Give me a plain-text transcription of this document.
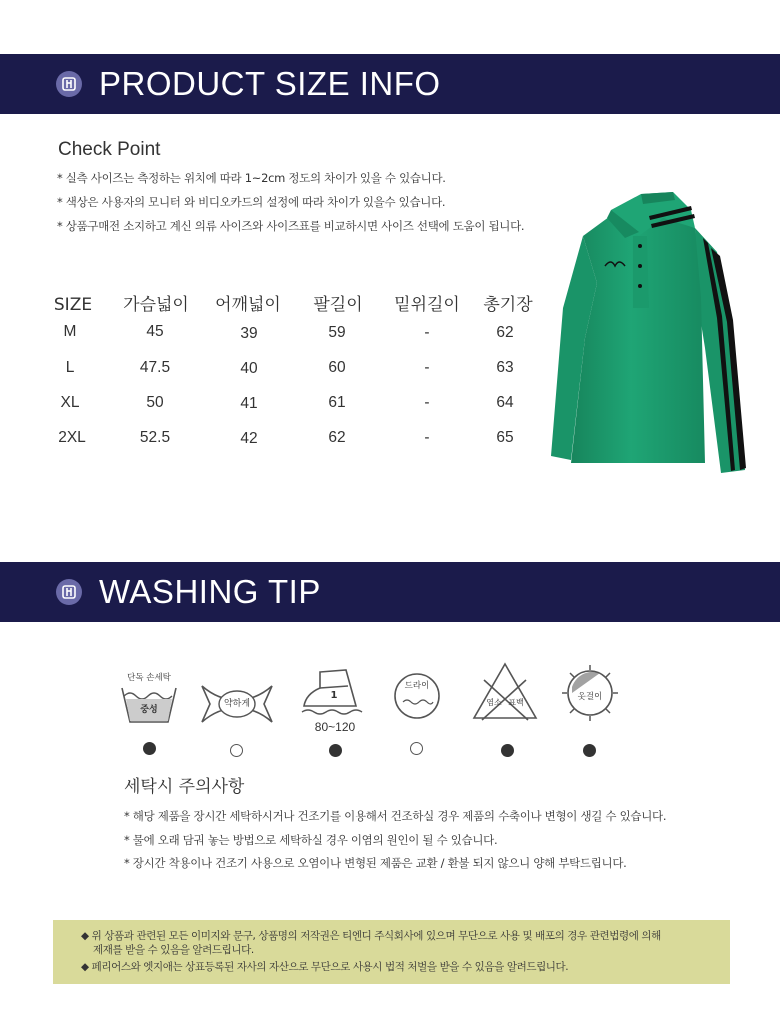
PRODUCT SIZE INFO
Check Point
* 실측 사이즈는 측정하는 위치에 따라 1~2cm 정도의 차이가 있을 수 있습니다.
* 색상은 사용자의 모니터 와 비디오카드의 설정에 따라 차이가 있을수 있습니다.
* 상품구매전 소지하고 계신 의류 사이즈와 사이즈표를 비교하시면 사이즈 선택에 도움이 됩니다.
SIZE	가슴넓이	어깨넓이	팔길이	밑위길이	총기장
M	45	39	59	-	62
L	47.5	40	60	-	63
XL	50	41	61	-	64
2XL	52.5	42	62	-	65
WASHING TIP
단독 손세탁
중성
약하게
1
80~120
드라이
염소 표백
옷걸이
세탁시 주의사항
* 해당 제품을 장시간 세탁하시거나 건조기를 이용해서 건조하실 경우 제품의 수축이나 변형이 생길 수 있습니다.
* 물에 오래 담궈 놓는 방법으로 세탁하실 경우 이염의 원인이 될 수 있습니다.
* 장시간 착용이나 건조기 사용으로 오염이나 변형된 제품은 교환 / 환불 되지 않으니 양해 부탁드립니다.
◆ 위 상품과 관련된 모든 이미지와 문구, 상품명의 저작권은 티엔디 주식회사에 있으며 무단으로 사용 및 배포의 경우 관련법령에 의해
제재를 받을 수 있음을 알려드립니다.
◆ 페리어스와 엣지애는 상표등록된 자사의 자산으로 무단으로 사용시 법적 처벌을 받을 수 있음을 알려드립니다.
